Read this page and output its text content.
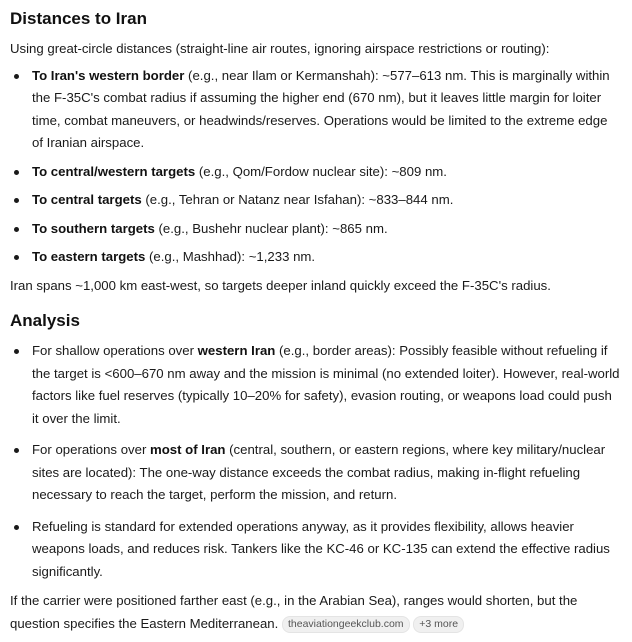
Distances to Iran

Using great-circle distances (straight-line air routes, ignoring airspace restrictions or routing):

To Iran's western border (e.g., near Ilam or Kermanshah): ~577–613 nm. This is marginally within the F-35C's combat radius if assuming the higher end (670 nm), but it leaves little margin for loiter time, combat maneuvers, or headwinds/reserves. Operations would be limited to the extreme edge of Iranian airspace.
To central/western targets (e.g., Qom/Fordow nuclear site): ~809 nm.
To central targets (e.g., Tehran or Natanz near Isfahan): ~833–844 nm.
To southern targets (e.g., Bushehr nuclear plant): ~865 nm.
To eastern targets (e.g., Mashhad): ~1,233 nm.

Iran spans ~1,000 km east-west, so targets deeper inland quickly exceed the F-35C's radius.

Analysis
For shallow operations over western Iran (e.g., border areas): Possibly feasible without refueling if the target is <600–670 nm away and the mission is minimal (no extended loiter). However, real-world factors like fuel reserves (typically 10–20% for safety), evasion routing, or weapons load could push it over the limit.
For operations over most of Iran (central, southern, or eastern regions, where key military/nuclear sites are located): The one-way distance exceeds the combat radius, making in-flight refueling necessary to reach the target, perform the mission, and return.
Refueling is standard for extended operations anyway, as it provides flexibility, allows heavier weapons loads, and reduces risk. Tankers like the KC-46 or KC-135 can extend the effective radius significantly.

If the carrier were positioned farther east (e.g., in the Arabian Sea), ranges would shorten, but the question specifies the Eastern Mediterranean. theaviationgeekclub.com +3 more
